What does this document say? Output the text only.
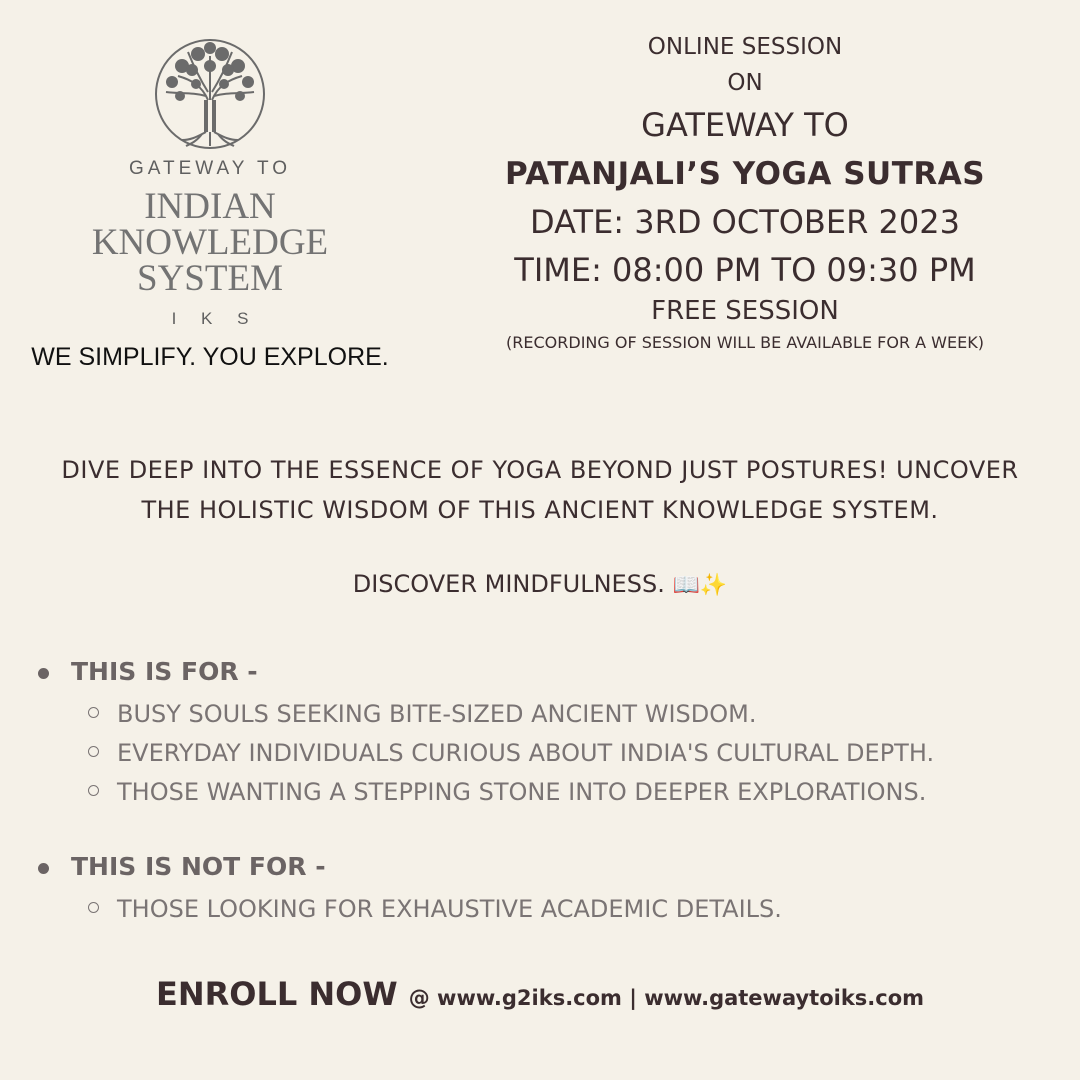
GATEWAY TO
INDIAN
KNOWLEDGE
SYSTEM
I K S
WE SIMPLIFY. YOU EXPLORE.
ONLINE SESSION
ON
GATEWAY TO
PATANJALI’S YOGA SUTRAS
DATE: 3RD OCTOBER 2023
TIME: 08:00 PM TO 09:30 PM
FREE SESSION
(RECORDING OF SESSION WILL BE AVAILABLE FOR A WEEK)
DIVE DEEP INTO THE ESSENCE OF YOGA BEYOND JUST POSTURES! UNCOVER
THE HOLISTIC WISDOM OF THIS ANCIENT KNOWLEDGE SYSTEM.
DISCOVER MINDFULNESS. 📖✨
THIS IS FOR -
BUSY SOULS SEEKING BITE-SIZED ANCIENT WISDOM.
EVERYDAY INDIVIDUALS CURIOUS ABOUT INDIA'S CULTURAL DEPTH.
THOSE WANTING A STEPPING STONE INTO DEEPER EXPLORATIONS.
THIS IS NOT FOR -
THOSE LOOKING FOR EXHAUSTIVE ACADEMIC DETAILS.
ENROLL NOW @ www.g2iks.com | www.gatewaytoiks.com
